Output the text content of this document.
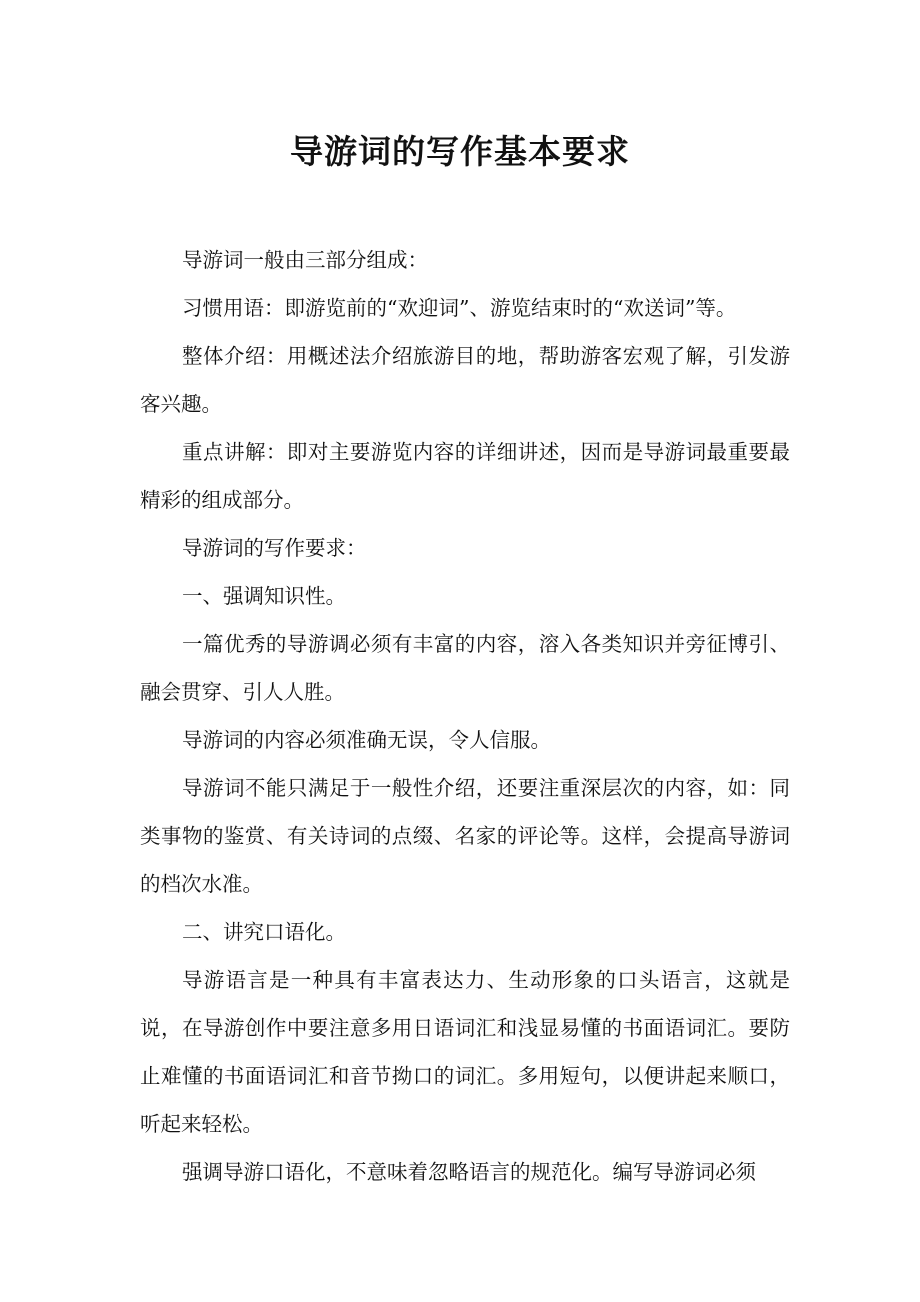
导游词的写作基本要求

导游词一般由三部分组成：

习惯用语：即游览前的“欢迎词”、游览结束时的“欢送词”等。

整体介绍：用概述法介绍旅游目的地，帮助游客宏观了解，引发游客兴趣。

重点讲解：即对主要游览内容的详细讲述，因而是导游词最重要最精彩的组成部分。

导游词的写作要求：

一、强调知识性。

一篇优秀的导游调必须有丰富的内容，溶入各类知识并旁征博引、融会贯穿、引人人胜。

导游词的内容必须准确无误，令人信服。

导游词不能只满足于一般性介绍，还要注重深层次的内容，如：同类事物的鉴赏、有关诗词的点缀、名家的评论等。这样，会提高导游词的档次水准。

二、讲究口语化。

导游语言是一种具有丰富表达力、生动形象的口头语言，这就是说，在导游创作中要注意多用日语词汇和浅显易懂的书面语词汇。要防止难懂的书面语词汇和音节拗口的词汇。多用短句，以便讲起来顺口，听起来轻松。

强调导游口语化，不意味着忽略语言的规范化。编写导游词必须
